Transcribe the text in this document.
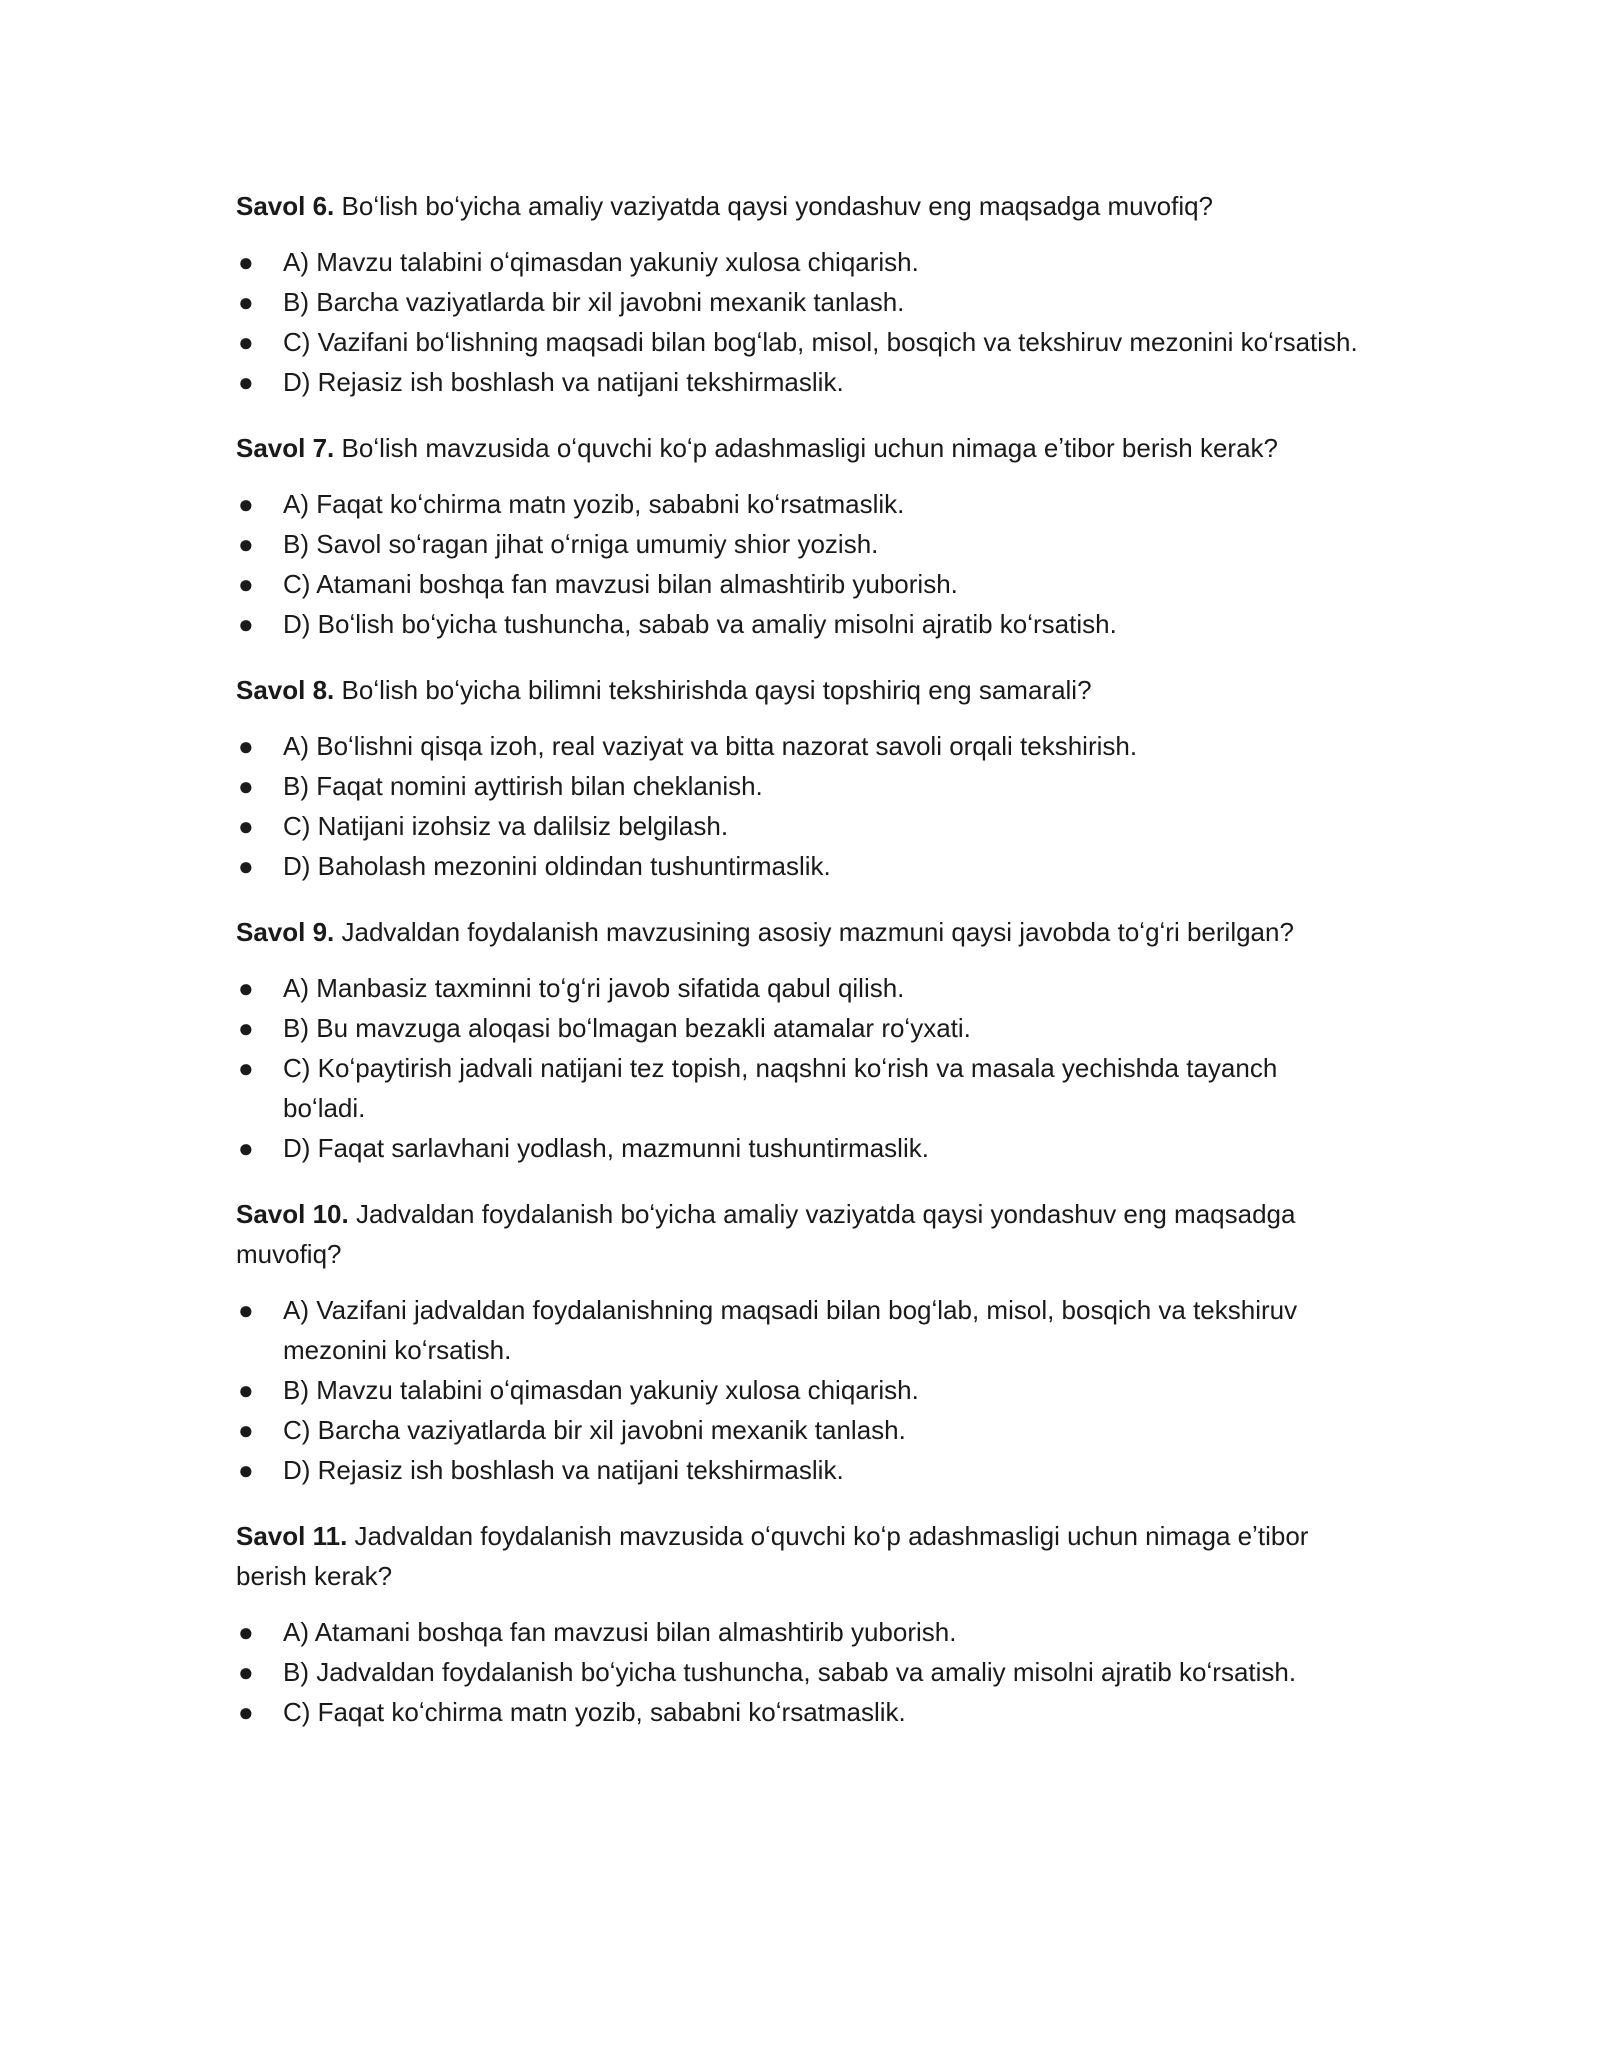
Savol 6. Boʻlish boʻyicha amaliy vaziyatda qaysi yondashuv eng maqsadga muvofiq?

● A) Mavzu talabini oʻqimasdan yakuniy xulosa chiqarish.
● B) Barcha vaziyatlarda bir xil javobni mexanik tanlash.
● C) Vazifani boʻlishning maqsadi bilan bogʻlab, misol, bosqich va tekshiruv mezonini koʻrsatish.
● D) Rejasiz ish boshlash va natijani tekshirmaslik.

Savol 7. Boʻlish mavzusida oʻquvchi koʻp adashmasligi uchun nimaga eʼtibor berish kerak?

● A) Faqat koʻchirma matn yozib, sababni koʻrsatmaslik.
● B) Savol soʻragan jihat oʻrniga umumiy shior yozish.
● C) Atamani boshqa fan mavzusi bilan almashtirib yuborish.
● D) Boʻlish boʻyicha tushuncha, sabab va amaliy misolni ajratib koʻrsatish.

Savol 8. Boʻlish boʻyicha bilimni tekshirishda qaysi topshiriq eng samarali?

● A) Boʻlishni qisqa izoh, real vaziyat va bitta nazorat savoli orqali tekshirish.
● B) Faqat nomini ayttirish bilan cheklanish.
● C) Natijani izohsiz va dalilsiz belgilash.
● D) Baholash mezonini oldindan tushuntirmaslik.

Savol 9. Jadvaldan foydalanish mavzusining asosiy mazmuni qaysi javobda toʻgʻri berilgan?

● A) Manbasiz taxminni toʻgʻri javob sifatida qabul qilish.
● B) Bu mavzuga aloqasi boʻlmagan bezakli atamalar roʻyxati.
● C) Koʻpaytirish jadvali natijani tez topish, naqshni koʻrish va masala yechishda tayanch boʻladi.
● D) Faqat sarlavhani yodlash, mazmunni tushuntirmaslik.

Savol 10. Jadvaldan foydalanish boʻyicha amaliy vaziyatda qaysi yondashuv eng maqsadga muvofiq?

● A) Vazifani jadvaldan foydalanishning maqsadi bilan bogʻlab, misol, bosqich va tekshiruv mezonini koʻrsatish.
● B) Mavzu talabini oʻqimasdan yakuniy xulosa chiqarish.
● C) Barcha vaziyatlarda bir xil javobni mexanik tanlash.
● D) Rejasiz ish boshlash va natijani tekshirmaslik.

Savol 11. Jadvaldan foydalanish mavzusida oʻquvchi koʻp adashmasligi uchun nimaga eʼtibor berish kerak?

● A) Atamani boshqa fan mavzusi bilan almashtirib yuborish.
● B) Jadvaldan foydalanish boʻyicha tushuncha, sabab va amaliy misolni ajratib koʻrsatish.
● C) Faqat koʻchirma matn yozib, sababni koʻrsatmaslik.
